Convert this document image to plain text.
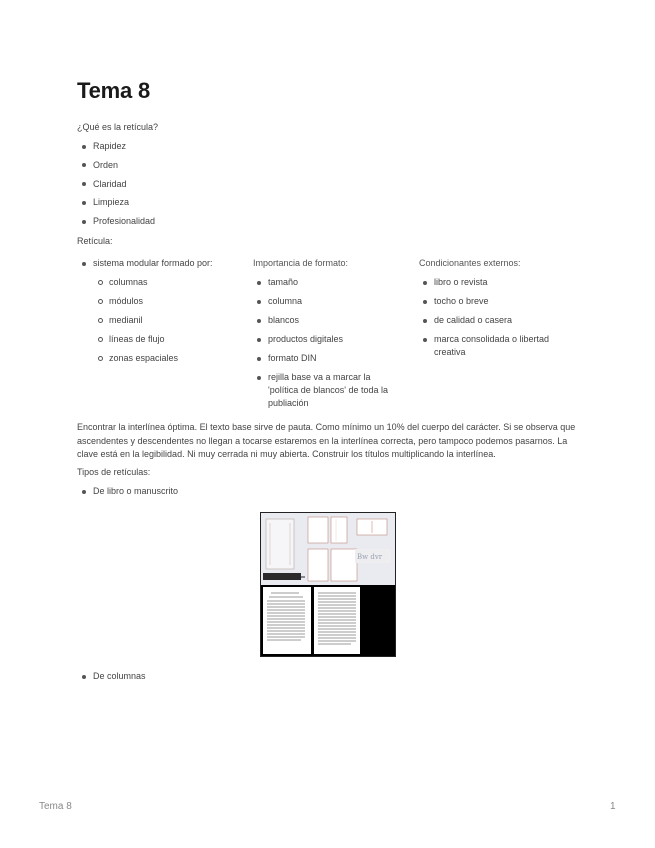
Tema 8

¿Qué es la retícula?

Rapidez
Orden
Claridad
Limpieza
Profesionalidad

Retícula:

sistema modular formado por:
columnas
módulos
medianil
líneas de flujo
zonas espaciales
Importancia de formato:
tamaño
columna
blancos
productos digitales
formato DIN
rejilla base va a marcar la 'política de blancos' de toda la publiación
Condicionantes externos:
libro o revista
tocho o breve
de calidad o casera
marca consolidada o libertad creativa

Encontrar la interlínea óptima. El texto base sirve de pauta. Como mínimo un 10% del cuerpo del carácter. Si se observa que ascendentes y descendentes no llegan a tocarse estaremos en la interlínea correcta, pero tampoco podemos pasarnos. La clave está en la legibilidad. Ni muy cerrada ni muy abierta. Construir los títulos multiplicando la interlínea.

Tipos de retículas:

De libro o manuscrito
Bw dvr
De columnas
Tema 8	1
